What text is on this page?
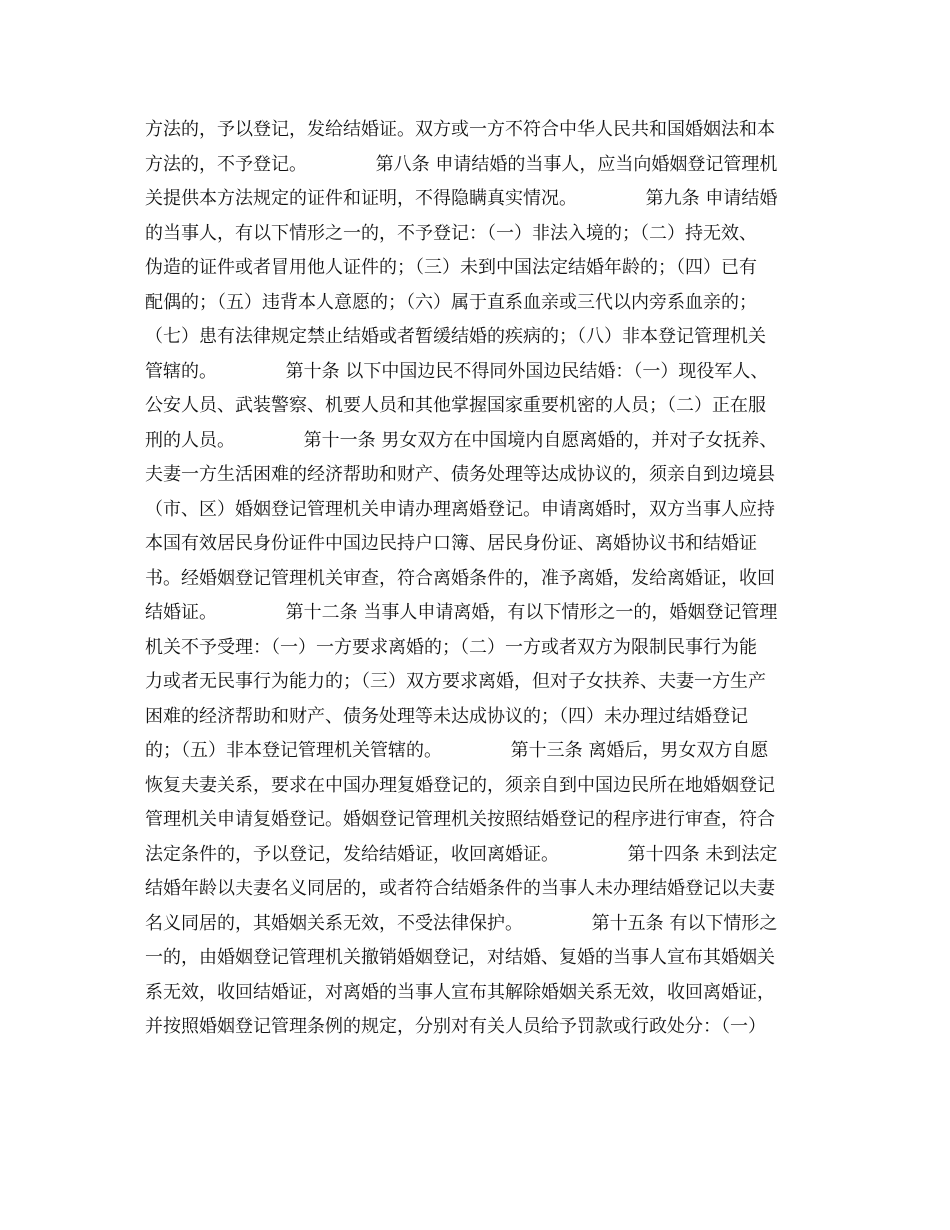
方法的，予以登记，发给结婚证。双方或一方不符合中华人民共和国婚姻法和本
方法的，不予登记。            第八条 申请结婚的当事人，应当向婚姻登记管理机
关提供本方法规定的证件和证明，不得隐瞒真实情况。            第九条 申请结婚
的当事人，有以下情形之一的，不予登记：（一）非法入境的；（二）持无效、
伪造的证件或者冒用他人证件的；（三）未到中国法定结婚年龄的；（四）已有
配偶的；（五）违背本人意愿的；（六）属于直系血亲或三代以内旁系血亲的；
（七）患有法律规定禁止结婚或者暂缓结婚的疾病的；（八）非本登记管理机关
管辖的。            第十条 以下中国边民不得同外国边民结婚：（一）现役军人、
公安人员、武装警察、机要人员和其他掌握国家重要机密的人员；（二）正在服
刑的人员。            第十一条 男女双方在中国境内自愿离婚的，并对子女抚养、
夫妻一方生活困难的经济帮助和财产、债务处理等达成协议的，须亲自到边境县
（市、区）婚姻登记管理机关申请办理离婚登记。申请离婚时，双方当事人应持
本国有效居民身份证件中国边民持户口簿、居民身份证、离婚协议书和结婚证
书。经婚姻登记管理机关审查，符合离婚条件的，准予离婚，发给离婚证，收回
结婚证。            第十二条 当事人申请离婚，有以下情形之一的，婚姻登记管理
机关不予受理：（一）一方要求离婚的；（二）一方或者双方为限制民事行为能
力或者无民事行为能力的；（三）双方要求离婚，但对子女扶养、夫妻一方生产
困难的经济帮助和财产、债务处理等未达成协议的；（四）未办理过结婚登记
的；（五）非本登记管理机关管辖的。            第十三条 离婚后，男女双方自愿
恢复夫妻关系，要求在中国办理复婚登记的，须亲自到中国边民所在地婚姻登记
管理机关申请复婚登记。婚姻登记管理机关按照结婚登记的程序进行审查，符合
法定条件的，予以登记，发给结婚证，收回离婚证。            第十四条 未到法定
结婚年龄以夫妻名义同居的，或者符合结婚条件的当事人未办理结婚登记以夫妻
名义同居的，其婚姻关系无效，不受法律保护。            第十五条 有以下情形之
一的，由婚姻登记管理机关撤销婚姻登记，对结婚、复婚的当事人宣布其婚姻关
系无效，收回结婚证，对离婚的当事人宣布其解除婚姻关系无效，收回离婚证，
并按照婚姻登记管理条例的规定，分别对有关人员给予罚款或行政处分：（一）
